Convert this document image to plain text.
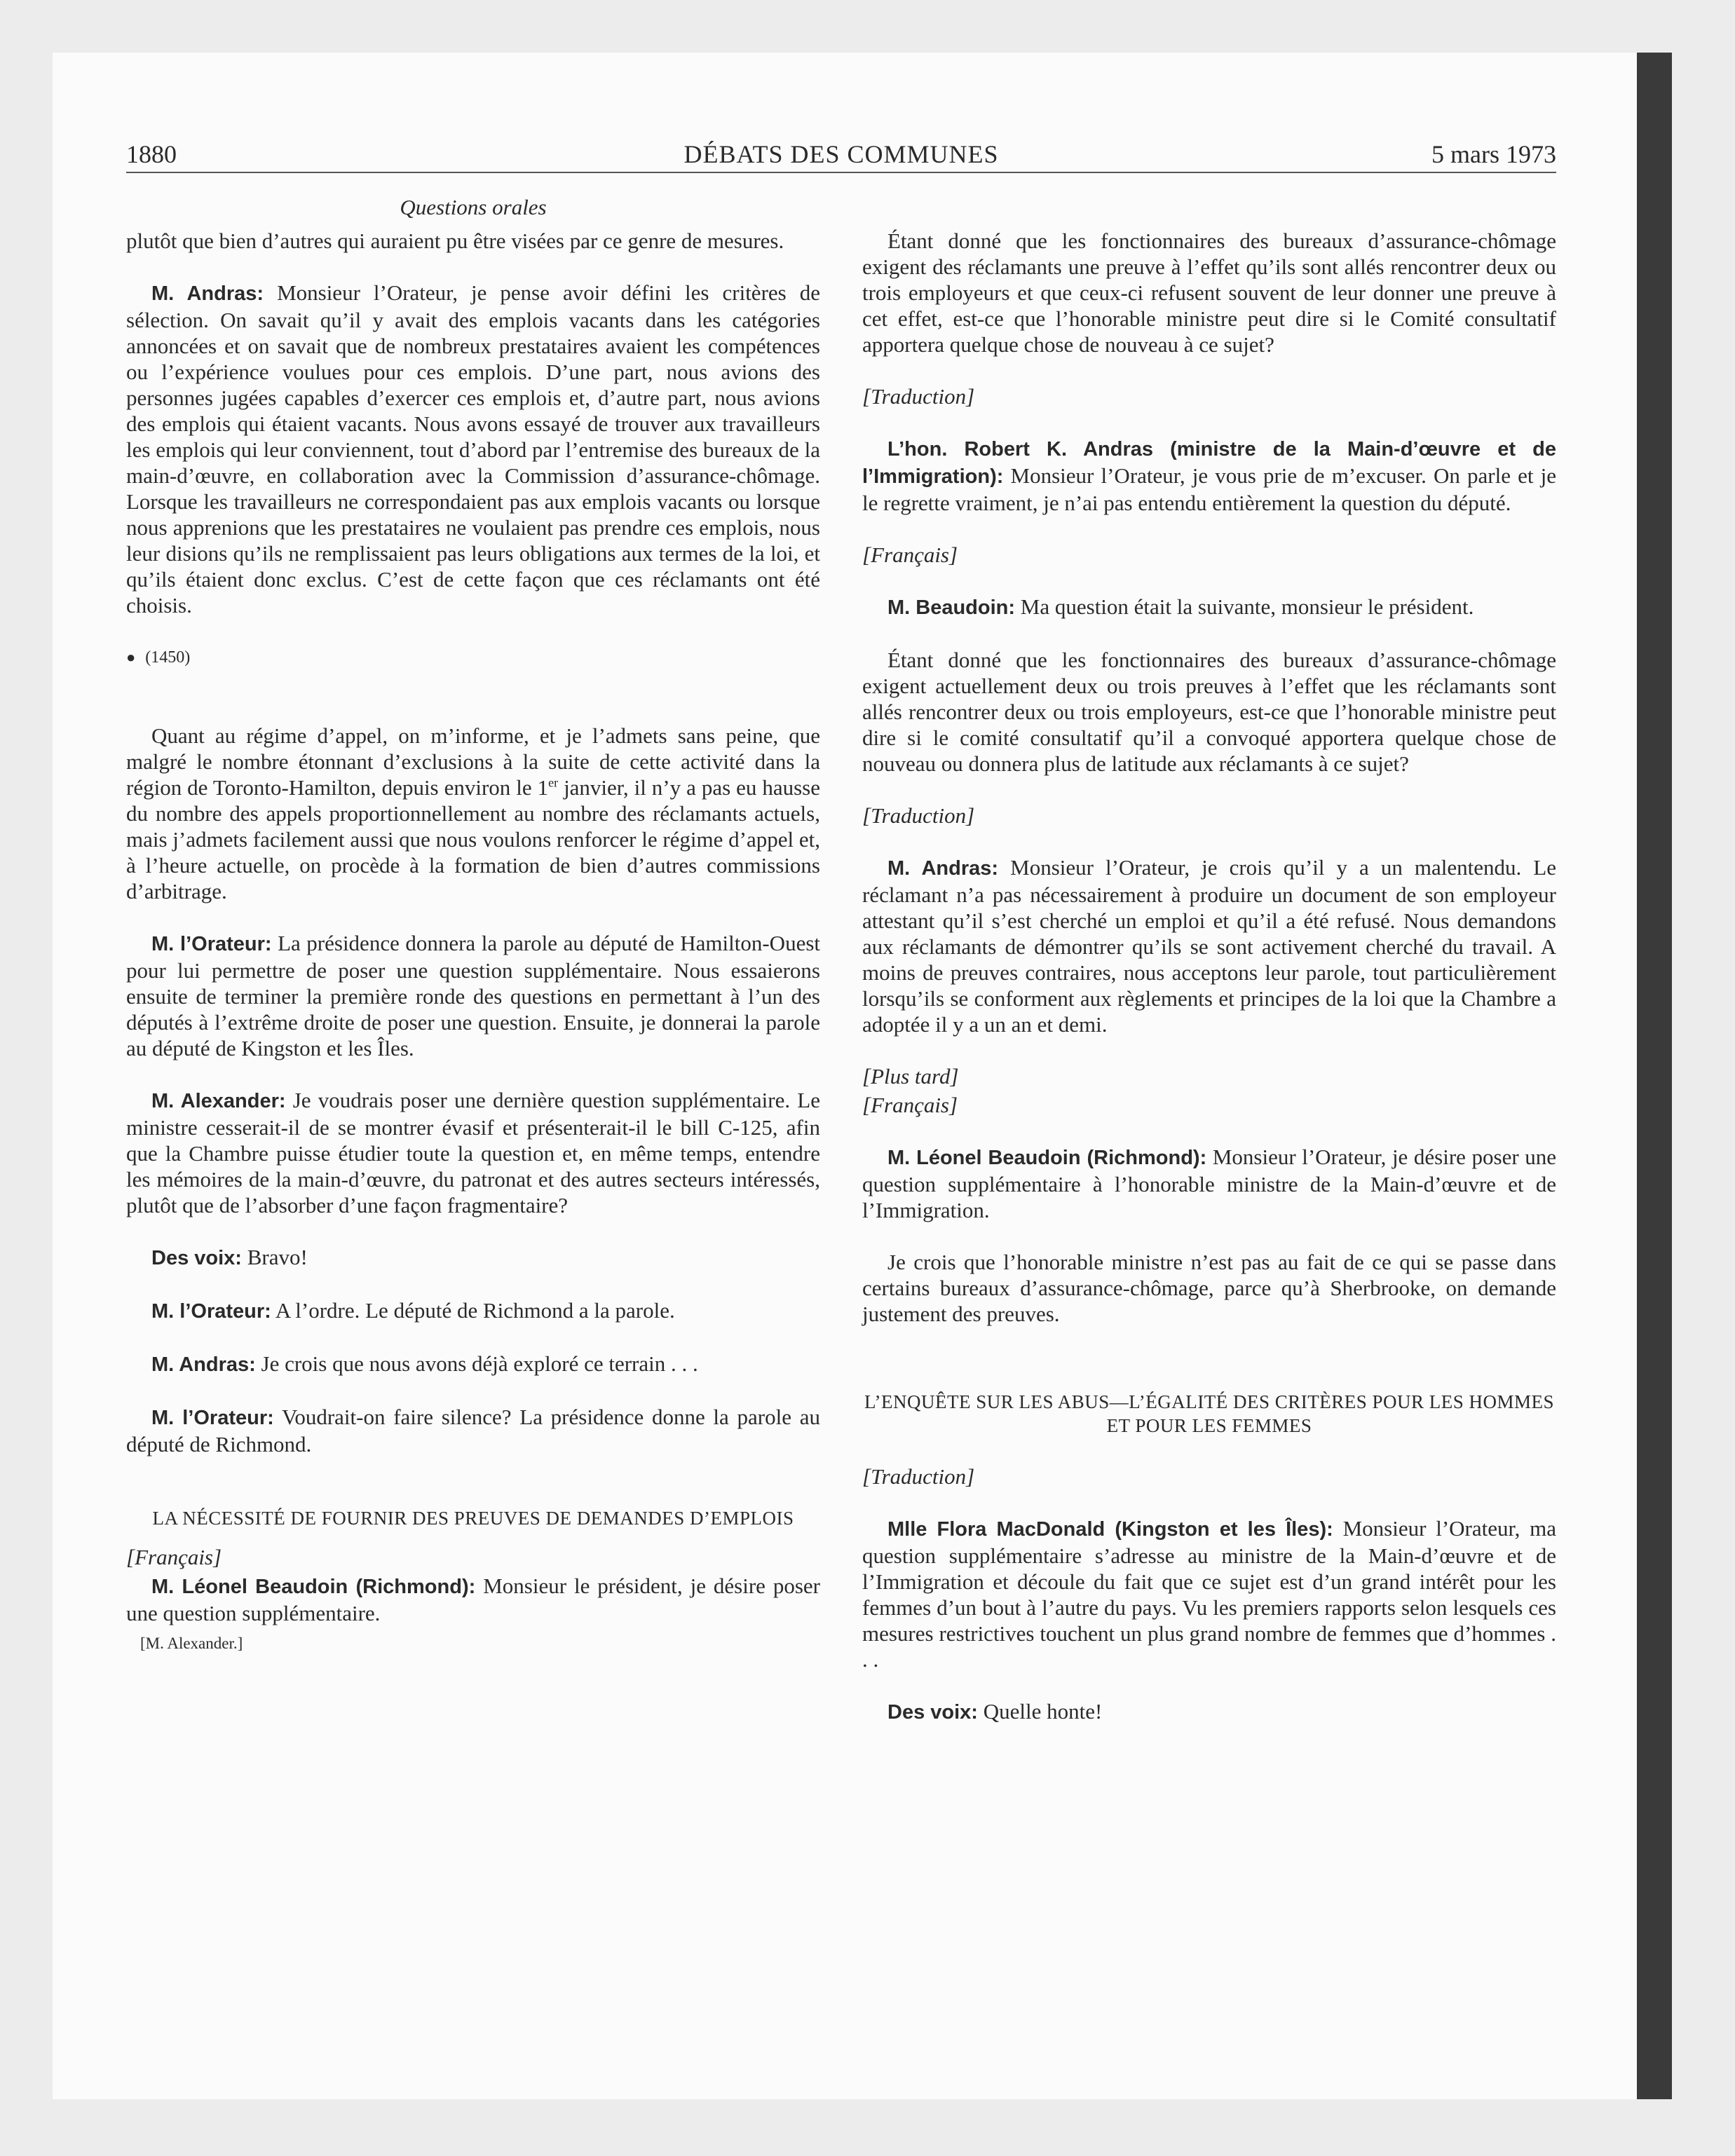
1880	DÉBATS DES COMMUNES	5 mars 1973
Questions orales

plutôt que bien d’autres qui auraient pu être visées par ce genre de mesures.

M. Andras: Monsieur l’Orateur, je pense avoir défini les critères de sélection. On savait qu’il y avait des emplois vacants dans les catégories annoncées et on savait que de nombreux prestataires avaient les compétences ou l’expérience voulues pour ces emplois. D’une part, nous avions des personnes jugées capables d’exercer ces emplois et, d’autre part, nous avions des emplois qui étaient vacants. Nous avons essayé de trouver aux travailleurs les emplois qui leur conviennent, tout d’abord par l’entremise des bureaux de la main-d’œuvre, en collaboration avec la Commission d’assurance-chômage. Lorsque les travailleurs ne correspondaient pas aux emplois vacants ou lorsque nous apprenions que les prestataires ne voulaient pas prendre ces emplois, nous leur disions qu’ils ne remplissaient pas leurs obligations aux termes de la loi, et qu’ils étaient donc exclus. C’est de cette façon que ces réclamants ont été choisis.

● (1450)

Quant au régime d’appel, on m’informe, et je l’admets sans peine, que malgré le nombre étonnant d’exclusions à la suite de cette activité dans la région de Toronto-Hamilton, depuis environ le 1er janvier, il n’y a pas eu hausse du nombre des appels proportionnellement au nombre des réclamants actuels, mais j’admets facilement aussi que nous voulons renforcer le régime d’appel et, à l’heure actuelle, on procède à la formation de bien d’autres commissions d’arbitrage.

M. l’Orateur: La présidence donnera la parole au député de Hamilton-Ouest pour lui permettre de poser une question supplémentaire. Nous essaierons ensuite de terminer la première ronde des questions en permettant à l’un des députés à l’extrême droite de poser une question. Ensuite, je donnerai la parole au député de Kingston et les Îles.

M. Alexander: Je voudrais poser une dernière question supplémentaire. Le ministre cesserait-il de se montrer évasif et présenterait-il le bill C-125, afin que la Chambre puisse étudier toute la question et, en même temps, entendre les mémoires de la main-d’œuvre, du patronat et des autres secteurs intéressés, plutôt que de l’absorber d’une façon fragmentaire?

Des voix: Bravo!

M. l’Orateur: A l’ordre. Le député de Richmond a la parole.

M. Andras: Je crois que nous avons déjà exploré ce terrain . . .

M. l’Orateur: Voudrait-on faire silence? La présidence donne la parole au député de Richmond.

LA NÉCESSITÉ DE FOURNIR DES PREUVES DE DEMANDES D’EMPLOIS
[Français]

M. Léonel Beaudoin (Richmond): Monsieur le président, je désire poser une question supplémentaire.

[M. Alexander.]

Étant donné que les fonctionnaires des bureaux d’assurance-chômage exigent des réclamants une preuve à l’effet qu’ils sont allés rencontrer deux ou trois employeurs et que ceux-ci refusent souvent de leur donner une preuve à cet effet, est-ce que l’honorable ministre peut dire si le Comité consultatif apportera quelque chose de nouveau à ce sujet?

[Traduction]

L’hon. Robert K. Andras (ministre de la Main-d’œuvre et de l’Immigration): Monsieur l’Orateur, je vous prie de m’excuser. On parle et je le regrette vraiment, je n’ai pas entendu entièrement la question du député.

[Français]

M. Beaudoin: Ma question était la suivante, monsieur le président.

Étant donné que les fonctionnaires des bureaux d’assurance-chômage exigent actuellement deux ou trois preuves à l’effet que les réclamants sont allés rencontrer deux ou trois employeurs, est-ce que l’honorable ministre peut dire si le comité consultatif qu’il a convoqué apportera quelque chose de nouveau ou donnera plus de latitude aux réclamants à ce sujet?

[Traduction]

M. Andras: Monsieur l’Orateur, je crois qu’il y a un malentendu. Le réclamant n’a pas nécessairement à produire un document de son employeur attestant qu’il s’est cherché un emploi et qu’il a été refusé. Nous demandons aux réclamants de démontrer qu’ils se sont activement cherché du travail. A moins de preuves contraires, nous acceptons leur parole, tout particulièrement lorsqu’ils se conforment aux règlements et principes de la loi que la Chambre a adoptée il y a un an et demi.

[Plus tard]
[Français]

M. Léonel Beaudoin (Richmond): Monsieur l’Orateur, je désire poser une question supplémentaire à l’honorable ministre de la Main-d’œuvre et de l’Immigration.

Je crois que l’honorable ministre n’est pas au fait de ce qui se passe dans certains bureaux d’assurance-chômage, parce qu’à Sherbrooke, on demande justement des preuves.

L’ENQUÊTE SUR LES ABUS—L’ÉGALITÉ DES CRITÈRES POUR LES HOMMES ET POUR LES FEMMES
[Traduction]

Mlle Flora MacDonald (Kingston et les Îles): Monsieur l’Orateur, ma question supplémentaire s’adresse au ministre de la Main-d’œuvre et de l’Immigration et découle du fait que ce sujet est d’un grand intérêt pour les femmes d’un bout à l’autre du pays. Vu les premiers rapports selon lesquels ces mesures restrictives touchent un plus grand nombre de femmes que d’hommes . . .

Des voix: Quelle honte!
